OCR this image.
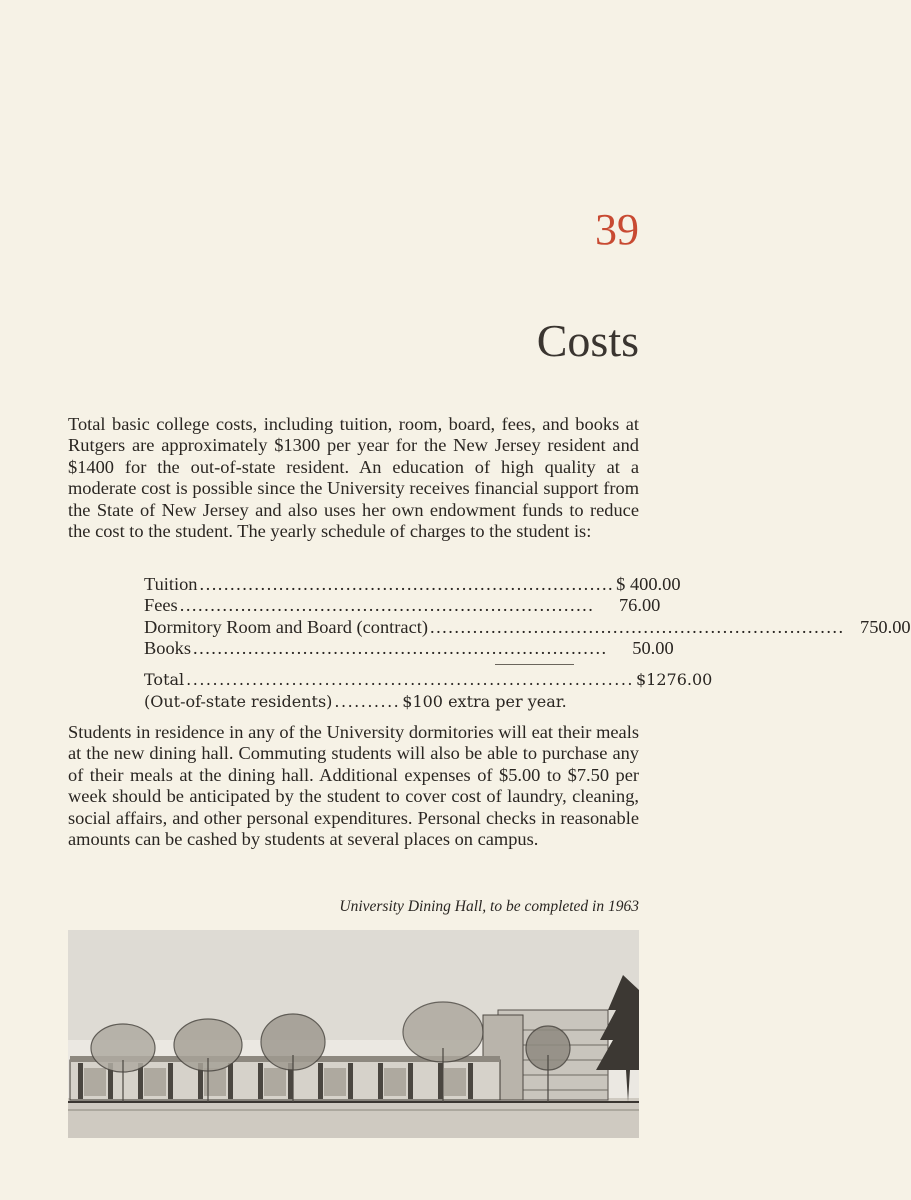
39
Costs

Total basic college costs, including tuition, room, board, fees, and books at Rutgers are approximately $1300 per year for the New Jersey resident and $1400 for the out-of-state resident. An education of high quality at a moderate cost is possible since the University receives financial support from the State of New Jersey and also uses her own endowment funds to reduce the cost to the student. The yearly schedule of charges to the student is:

Tuition .................................................................... $ 400.00
Fees ....................................................................	76.00
Dormitory Room and Board (contract) .................................................................... 750.00
Books ....................................................................	50.00
Total .................................................................... $1276.00
(Out-of-state residents) .......... $100 extra per year.

Students in residence in any of the University dormitories will eat their meals at the new dining hall. Commuting students will also be able to purchase any of their meals at the dining hall. Additional expenses of $5.00 to $7.50 per week should be anticipated by the student to cover cost of laundry, cleaning, social affairs, and other personal expenditures. Personal checks in reasonable amounts can be cashed by students at several places on campus.

University Dining Hall, to be completed in 1963
